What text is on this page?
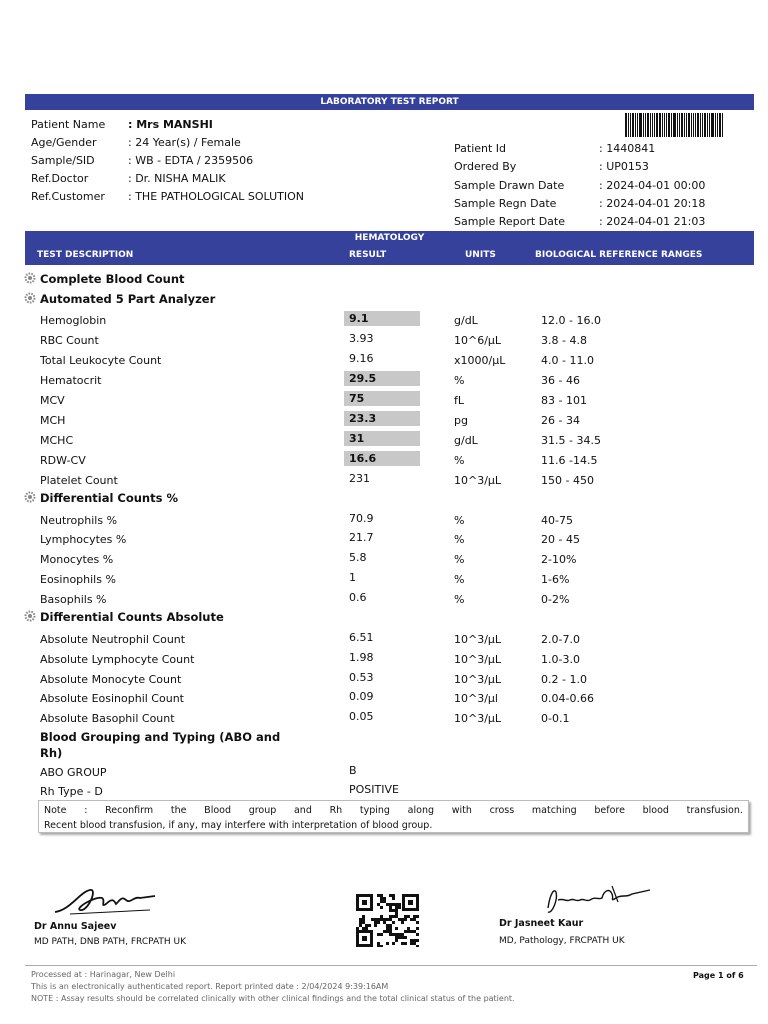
LABORATORY TEST REPORT
Patient Name : Mrs MANSHI
Age/Gender	: 24 Year(s) / Female
Sample/SID	: WB - EDTA / 2359506
Ref.Doctor	: Dr. NISHA MALIK
Ref.Customer : THE PATHOLOGICAL SOLUTION
Patient Id	: 1440841
Ordered By	: UP0153
Sample Drawn Date	: 2024-04-01 00:00
Sample Regn Date	: 2024-04-01 20:18
Sample Report Date	: 2024-04-01 21:03
HEMATOLOGY
TEST DESCRIPTION	RESULT	UNITS	BIOLOGICAL REFERENCE RANGES
Complete Blood Count
Automated 5 Part Analyzer
Differential Counts %
Differential Counts Absolute
Blood Grouping and Typing (ABO and
Rh)
Hemoglobin	9.1	g/dL	12.0 - 16.0
RBC Count	3.93	10^6/µL	3.8 - 4.8
Total Leukocyte Count	9.16	x1000/µL	4.0 - 11.0
Hematocrit	29.5	%	36 - 46
MCV	75	fL	83 - 101
MCH	23.3	pg	26 - 34
MCHC	31	g/dL	31.5 - 34.5
RDW-CV	16.6	%	11.6 -14.5
Platelet Count	231	10^3/µL	150 - 450
Neutrophils %	70.9	%	40-75
Lymphocytes %	21.7	%	20 - 45
Monocytes %	5.8	%	2-10%
Eosinophils %	1	%	1-6%
Basophils %	0.6	%	0-2%
Absolute Neutrophil Count	6.51	10^3/µL	2.0-7.0
Absolute Lymphocyte Count	1.98	10^3/µL	1.0-3.0
Absolute Monocyte Count	0.53	10^3/µL	0.2 - 1.0
Absolute Eosinophil Count	0.09	10^3/µl	0.04-0.66
Absolute Basophil Count	0.05	10^3/µL	0-0.1
ABO GROUP	B
Rh Type - D	POSITIVE
Note : Reconfirm the Blood group and Rh typing along with cross matching before blood transfusion.
Recent blood transfusion, if any, may interfere with interpretation of blood group.
Dr Annu Sajeev
MD PATH, DNB PATH, FRCPATH UK
Dr Jasneet Kaur
MD, Pathology, FRCPATH UK
Processed at : Harinagar, New Delhi
This is an electronically authenticated report. Report printed date : 2/04/2024 9:39:16AM
NOTE : Assay results should be correlated clinically with other clinical findings and the total clinical status of the patient.
Page 1 of 6
